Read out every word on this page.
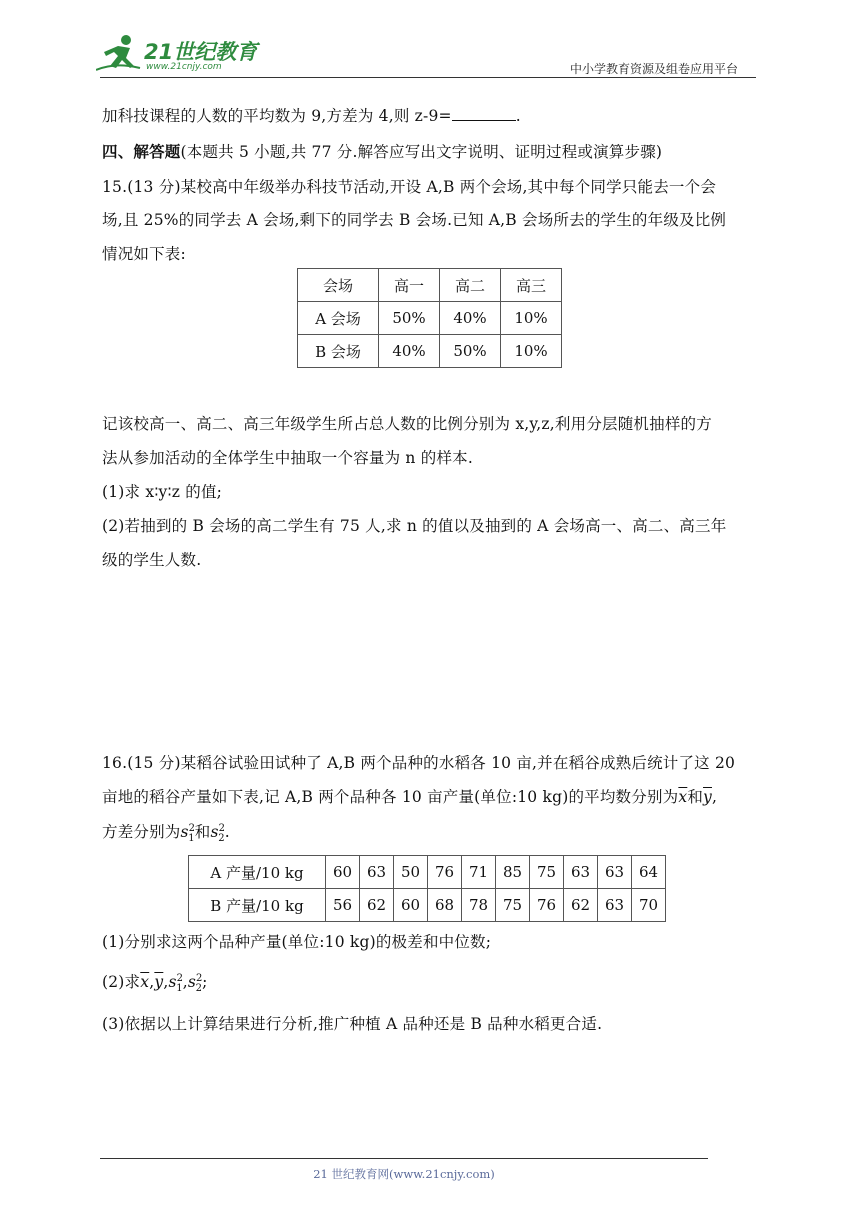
21世纪教育
www.21cnjy.com	中小学教育资源及组卷应用平台
加科技课程的人数的平均数为 9,方差为 4,则 z-9=	.
四、解答题(本题共 5 小题,共 77 分.解答应写出文字说明、证明过程或演算步骤)
15.(13 分)某校高中年级举办科技节活动,开设 A,B 两个会场,其中每个同学只能去一个会
场,且 25%的同学去 A 会场,剩下的同学去 B 会场.已知 A,B 会场所去的学生的年级及比例
情况如下表:
会场	高一	高二	高三
A 会场	50%	40%	10%
B 会场	40%	50%	10%
记该校高一、高二、高三年级学生所占总人数的比例分别为 x,y,z,利用分层随机抽样的方
法从参加活动的全体学生中抽取一个容量为 n 的样本.
(1)求 x∶y∶z 的值;
(2)若抽到的 B 会场的高二学生有 75 人,求 n 的值以及抽到的 A 会场高一、高二、高三年
级的学生人数.
16.(15 分)某稻谷试验田试种了 A,B 两个品种的水稻各 10 亩,并在稻谷成熟后统计了这 20
亩地的稻谷产量如下表,记 A,B 两个品种各 10 亩产量(单位:10 kg)的平均数分别为$\overline{x}$和$\overline{y}$,
方差分别为$s^2_1$和$s^2_2$.
A 产量/10 kg	60	63	50	76	71	85	75	63	63	64
B 产量/10 kg	56	62	60	68	78	75	76	62	63	70
(1)分别求这两个品种产量(单位:10 kg)的极差和中位数;
(2)求$\overline{x},\overline{y},s^2_1,s^2_2$;
(3)依据以上计算结果进行分析,推广种植 A 品种还是 B 品种水稻更合适.
21 世纪教育网(www.21cnjy.com)
